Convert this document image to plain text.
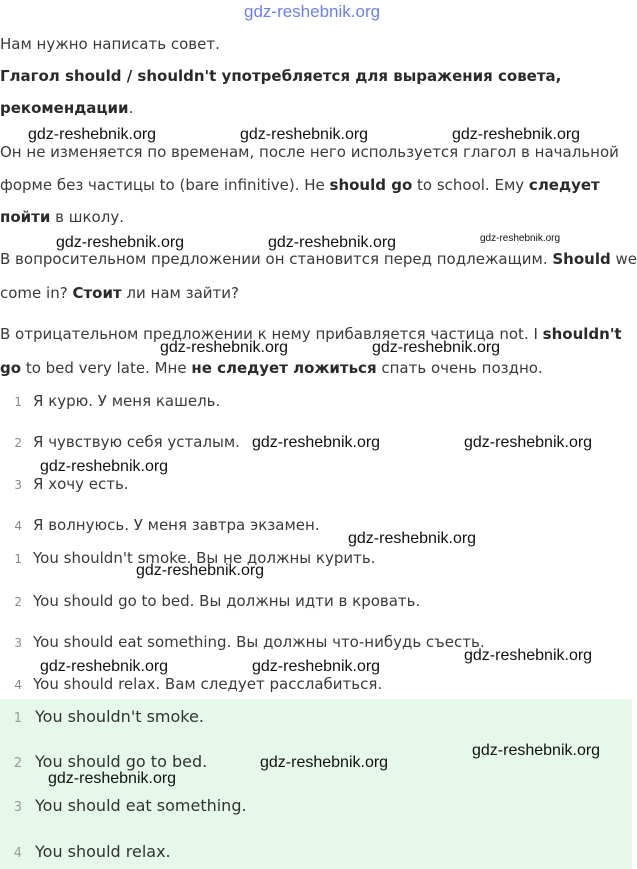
gdz-reshebnik.org
Нам нужно написать совет.
Глагол should / shouldn't употребляется для выражения совета,
рекомендации.
Он не изменяется по временам, после него используется глагол в начальной
форме без частицы to (bare infinitive). Не should go to school. Ему следует
пойти в школу.
В вопросительном предложении он становится перед подлежащим. Should we
come in? Стоит ли нам зайти?
В отрицательном предложении к нему прибавляется частица not. I shouldn't
go to bed very late. Мне не следует ложиться спать очень поздно.
1 Я курю. У меня кашель.
2 Я чувствую себя усталым.
3 Я хочу есть.
4 Я волнуюсь. У меня завтра экзамен.
1 You shouldn't smoke. Вы не должны курить.
2 You should go to bed. Вы должны идти в кровать.
3 You should eat something. Вы должны что-нибудь съесть.
4 You should relax. Вам следует расслабиться.
1 You shouldn't smoke.
2 You should go to bed.
3 You should eat something.
4 You should relax.
gdz-reshebnik.org	gdz-reshebnik.org	gdz-reshebnik.org
gdz-reshebnik.org	gdz-reshebnik.org	gdz-reshebnik.org
gdz-reshebnik.org	gdz-reshebnik.org
gdz-reshebnik.org	gdz-reshebnik.org
gdz-reshebnik.org
gdz-reshebnik.org
gdz-reshebnik.org
gdz-reshebnik.org
gdz-reshebnik.org	gdz-reshebnik.org
gdz-reshebnik.org
gdz-reshebnik.org
gdz-reshebnik.org
